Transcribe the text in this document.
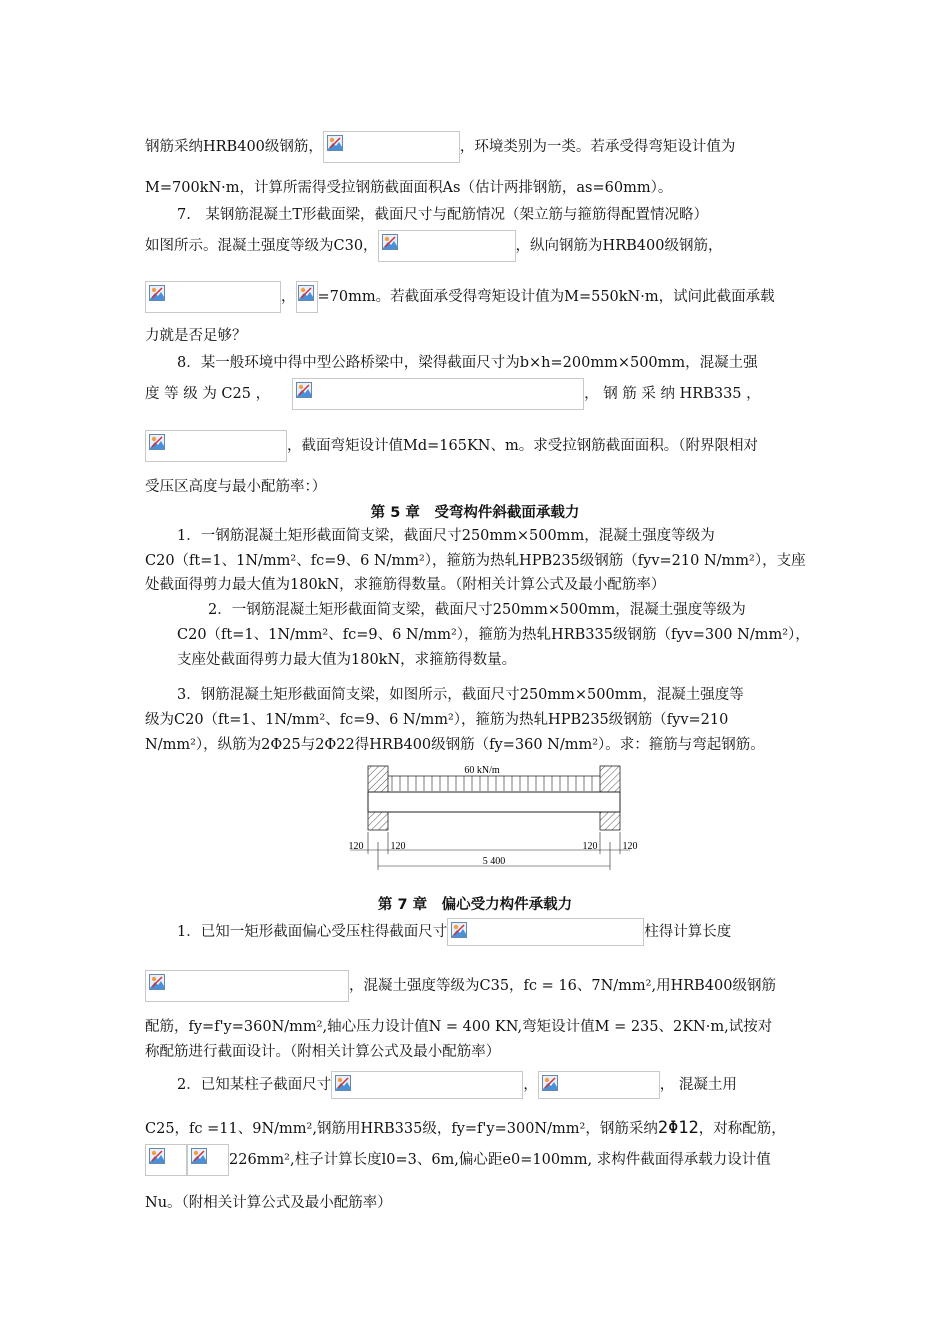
钢筋采纳HRB400级钢筋，	，环境类别为一类。若承受得弯矩设计值为
M=700kN·m，计算所需得受拉钢筋截面面积As（估计两排钢筋，as=60mm）。
7.　某钢筋混凝土T形截面梁，截面尺寸与配筋情况（架立筋与箍筋得配置情况略）
如图所示。混凝土强度等级为C30，	，纵向钢筋为HRB400级钢筋，
， =70mm。若截面承受得弯矩设计值为M=550kN·m，试问此截面承载
力就是否足够？
8．某一般环境中得中型公路桥梁中，梁得截面尺寸为b×h=200mm×500mm，混凝土强
度 等 级 为 C25 ，	， 钢 筋 采 纳 HRB335 ，
，截面弯矩设计值Md=165KN、m。求受拉钢筋截面面积。（附界限相对
受压区高度与最小配筋率：）
第 5 章　受弯构件斜截面承载力
1．一钢筋混凝土矩形截面简支梁，截面尺寸250mm×500mm，混凝土强度等级为
C20（ft=1、1N/mm²、fc=9、6 N/mm²），箍筋为热轧HPB235级钢筋（fyv=210 N/mm²），支座
处截面得剪力最大值为180kN，求箍筋得数量。（附相关计算公式及最小配筋率）
2．一钢筋混凝土矩形截面简支梁，截面尺寸250mm×500mm，混凝土强度等级为
C20（ft=1、1N/mm²、fc=9、6 N/mm²），箍筋为热轧HRB335级钢筋（fyv=300 N/mm²），
支座处截面得剪力最大值为180kN，求箍筋得数量。
3．钢筋混凝土矩形截面简支梁，如图所示，截面尺寸250mm×500mm，混凝土强度等
级为C20（ft=1、1N/mm²、fc=9、6 N/mm²），箍筋为热轧HPB235级钢筋（fyv=210
N/mm²），纵筋为2Φ25与2Φ22得HRB400级钢筋（fy=360 N/mm²）。求：箍筋与弯起钢筋。
60 kN/m
120	120	120	120
5 400
第 7 章　偏心受力构件承载力
1．已知一矩形截面偏心受压柱得截面尺寸	柱得计算长度
，混凝土强度等级为C35，fc = 16、7N/mm²,用HRB400级钢筋
配筋，fy=f'y=360N/mm²,轴心压力设计值N = 400 KN,弯矩设计值M = 235、2KN·m,试按对
称配筋进行截面设计。（附相关计算公式及最小配筋率）
2．已知某柱子截面尺寸	，	， 混凝土用
C25，fc =11、9N/mm²,钢筋用HRB335级，fy=f'y=300N/mm²，钢筋采纳2Φ12，对称配筋，
226mm²,柱子计算长度l0=3、6m,偏心距e0=100mm, 求构件截面得承载力设计值
Nu。（附相关计算公式及最小配筋率）
